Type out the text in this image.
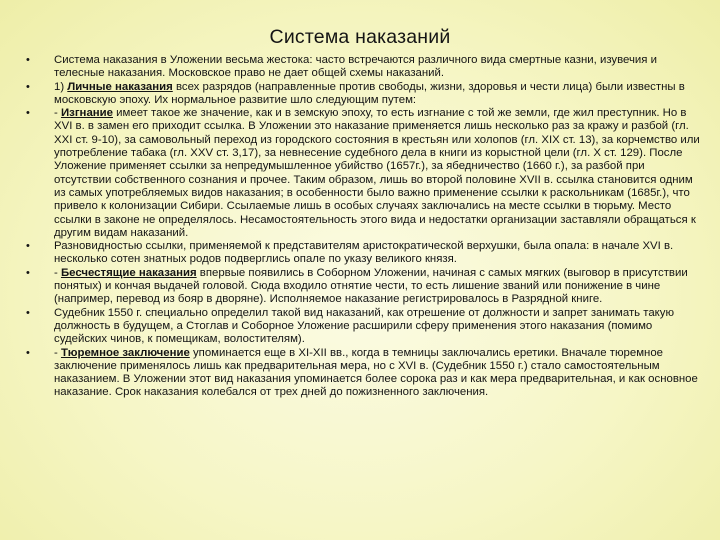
Система наказаний
•	Система наказания в Уложении весьма жестока: часто встречаются различного вида смертные казни, изувечия и телесные наказания. Московское право не дает общей схемы наказаний.
•	1) Личные наказания всех разрядов (направленные против свободы, жизни, здоровья и чести лица) были известны в московскую эпоху. Их нормальное развитие шло следующим путем:
•	- Изгнание имеет такое же значение, как и в земскую эпоху, то есть изгнание с той же земли, где жил преступник. Но в XVI в. в замен его приходит ссылка. В Уложении это наказание применяется лишь несколько раз за кражу и разбой (гл. XXI ст. 9-10), за самовольный переход из городского состояния в крестьян или холопов (гл. XIX ст. 13), за корчемство или употребление табака (гл. XXV ст. 3,17), за невнесение судебного дела в книги из корыстной цели (гл. X ст. 129). После Уложение применяет ссылки за непредумышленное убийство (1657г.), за ябедничество (1660 г.), за разбой при отсутствии собственного сознания и прочее. Таким образом, лишь во второй половине XVII в. ссылка становится одним из самых употребляемых видов наказания; в особенности было важно применение ссылки к раскольникам (1685г.), что привело к колонизации Сибири. Ссылаемые лишь в особых случаях заключались на месте ссылки в тюрьму. Место ссылки в законе не определялось. Несамостоятельность этого вида и недостатки организации заставляли обращаться к другим видам наказаний.
•	Разновидностью ссылки, применяемой к представителям аристократической верхушки, была опала: в начале XVI в. несколько сотен знатных родов подверглись опале по указу великого князя.
•	- Бесчестящие наказания впервые появились в Соборном Уложении, начиная с самых мягких (выговор в присутствии понятых) и кончая выдачей головой. Сюда входило отнятие чести, то есть лишение званий или понижение в чине (например, перевод из бояр в дворяне). Исполняемое наказание регистрировалось в Разрядной книге.
•	Судебник 1550 г. специально определил такой вид наказаний, как отрешение от должности и запрет занимать такую должность в будущем, а Стоглав и Соборное Уложение расширили сферу применения этого наказания (помимо судейских чинов, к помещикам, волостителям).
•	- Тюремное заключение упоминается еще в XI-XII вв., когда в темницы заключались еретики. Вначале тюремное заключение применялось лишь как предварительная мера, но с XVI в. (Судебник 1550 г.) стало самостоятельным наказанием. В Уложении этот вид наказания упоминается более сорока раз и как мера предварительная, и как основное наказание. Срок наказания колебался от трех дней до пожизненного заключения.
